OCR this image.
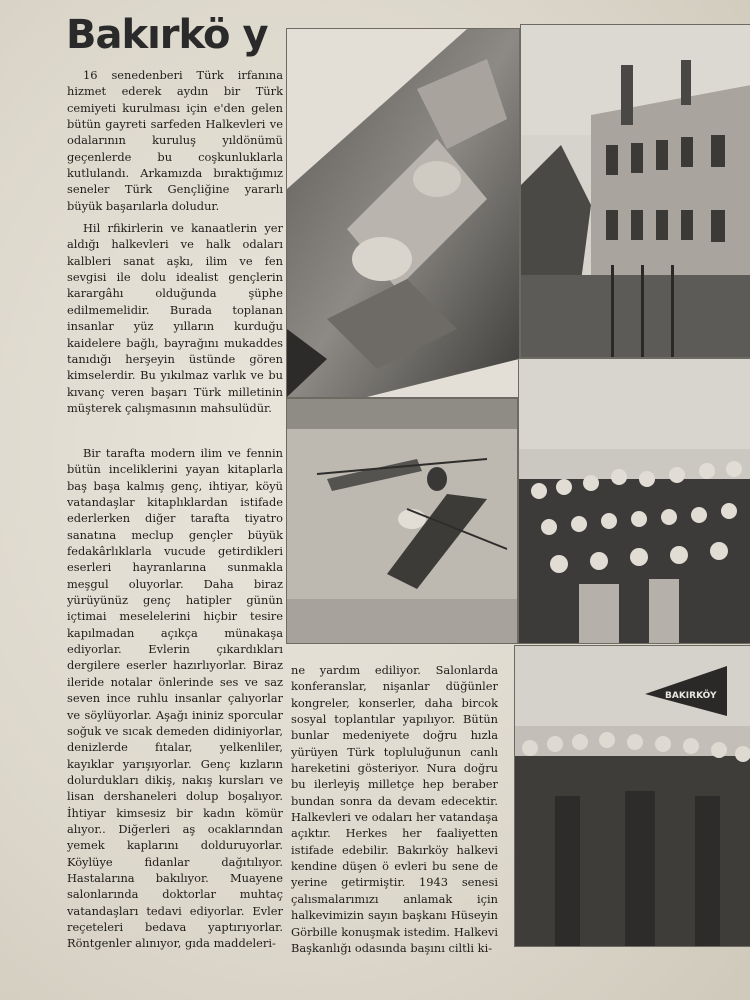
Bakırkö y

16 senedenberi Türk irfanına hizmet ederek aydın bir Türk cemiyeti kurulması için e'den gelen bütün gayreti sarfeden Halkevleri ve odalarının kuruluş yıldönümü geçenlerde bu coşkunluklarla kutlulandı. Arkamızda bıraktığımız seneler Türk Gençliğine yararlı büyük başarılarla doludur.

Hil rfikirlerin ve kanaatlerin yer aldığı halkevleri ve halk odaları kalbleri sanat aşkı, ilim ve fen sevgisi ile dolu idealist gençlerin karargâhı olduğunda şüphe edilmemelidir. Burada toplanan insanlar yüz yılların kurduğu kaidelere bağlı, bayrağını mukaddes tanıdığı herşeyin üstünde gören kimselerdir. Bu yıkılmaz varlık ve bu kıvanç veren başarı Türk milletinin müşterek çalışmasının mahsulüdür.

Bir tarafta modern ilim ve fennin bütün inceliklerini yayan kitaplarla baş başa kalmış genç, ihtiyar, köyü vatandaşlar kitaplıklardan istifade ederlerken diğer tarafta tiyatro sanatına meclup gençler büyük fedakârlıklarla vucude getirdikleri eserleri hayranlarına sunmakla meşgul oluyorlar. Daha biraz yürüyünüz genç hatipler günün içtimai meselelerini hiçbir tesire kapılmadan açıkça münakaşa ediyorlar. Evlerin çıkardıkları dergilere eserler hazırlıyorlar. Biraz ileride notalar önlerinde ses ve saz seven ince ruhlu insanlar çalıyorlar ve söylüyorlar. Aşağı ininiz sporcular soğuk ve sıcak demeden didiniyorlar, denizlerde fıtalar, yelkenliler, kayıklar yarışıyorlar. Genç kızların dolurdukları dikiş, nakış kursları ve lisan dershaneleri dolup boşalıyor. İhtiyar kimsesiz bir kadın kömür alıyor.. Diğerleri aş ocaklarından yemek kaplarını dolduruyorlar. Köylüye fidanlar dağıtılıyor. Hastalarına bakılıyor. Muayene salonlarında doktorlar muhtaç vatandaşları tedavi ediyorlar. Evler reçeteleri bedava yaptırıyorlar. Röntgenler alınıyor, gıda maddeleri-

ne yardım ediliyor. Salonlarda konferanslar, nişanlar düğünler kongreler, konserler, daha bircok sosyal toplantılar yapılıyor. Bütün bunlar medeniyete doğru hızla yürüyen Türk topluluğunun canlı hareketini gösteriyor. Nura doğru bu ilerleyiş milletçe hep beraber bundan sonra da devam edecektir. Halkevleri ve odaları her vatandaşa açıktır. Herkes her faaliyetten istifade edebilir. Bakırköy halkevi kendine düşen ö evleri bu sene de yerine getirmiştir. 1943 senesi çalısmalarımızı anlamak için halkevimizin sayın başkanı Hüseyin Görbille konuşmak istedim. Halkevi Başkanlığı odasında başını ciltli ki-

BAKIRKÖY
